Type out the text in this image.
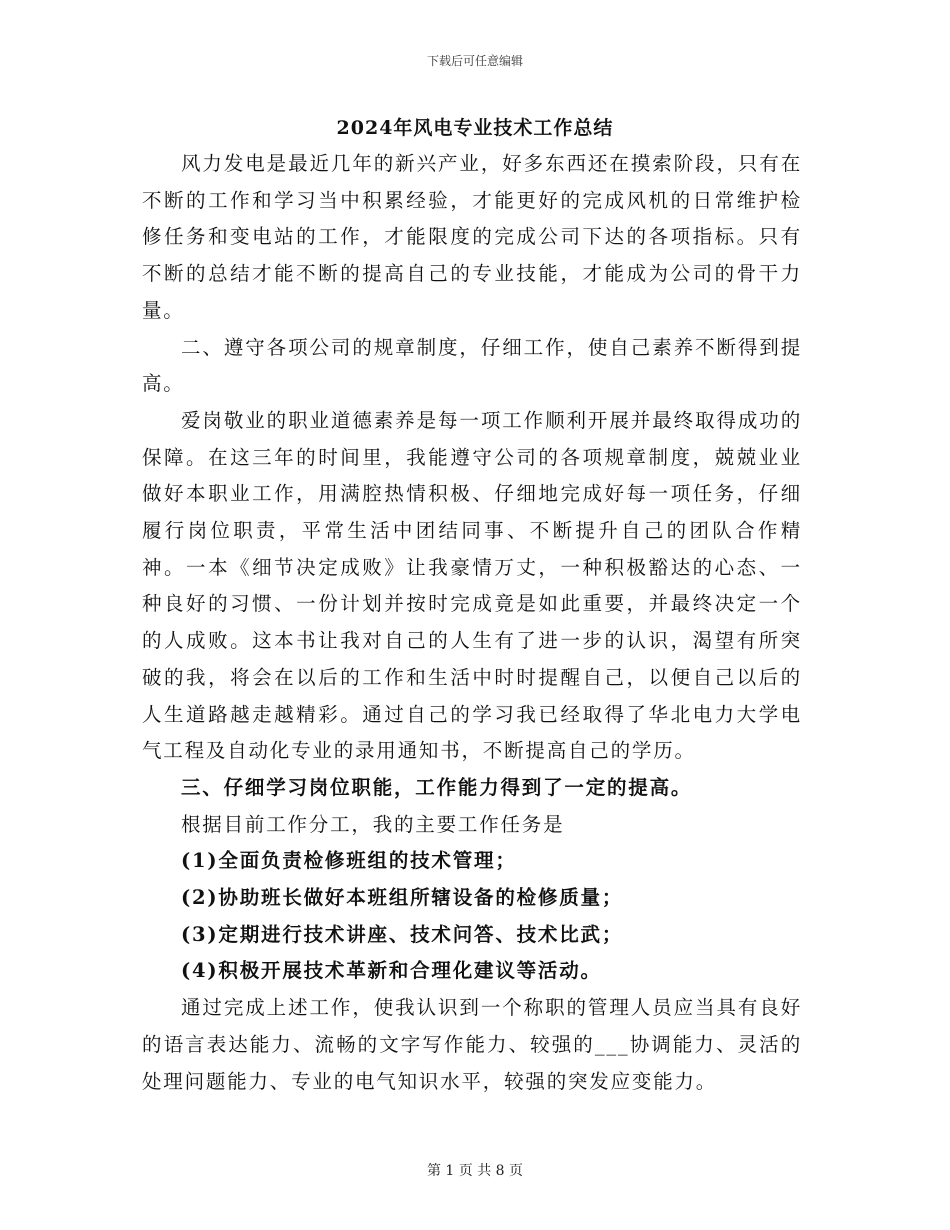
下载后可任意编辑
2024年风电专业技术工作总结

风力发电是最近几年的新兴产业，好多东西还在摸索阶段，只有在不断的工作和学习当中积累经验，才能更好的完成风机的日常维护检修任务和变电站的工作，才能限度的完成公司下达的各项指标。只有不断的总结才能不断的提高自己的专业技能，才能成为公司的骨干力量。

二、遵守各项公司的规章制度，仔细工作，使自己素养不断得到提高。

爱岗敬业的职业道德素养是每一项工作顺利开展并最终取得成功的保障。在这三年的时间里，我能遵守公司的各项规章制度，兢兢业业做好本职业工作，用满腔热情积极、仔细地完成好每一项任务，仔细履行岗位职责，平常生活中团结同事、不断提升自己的团队合作精神。一本《细节决定成败》让我豪情万丈，一种积极豁达的心态、一种良好的习惯、一份计划并按时完成竟是如此重要，并最终决定一个的人成败。这本书让我对自己的人生有了进一步的认识，渴望有所突破的我，将会在以后的工作和生活中时时提醒自己，以便自己以后的人生道路越走越精彩。通过自己的学习我已经取得了华北电力大学电气工程及自动化专业的录用通知书，不断提高自己的学历。

三、仔细学习岗位职能，工作能力得到了一定的提高。

根据目前工作分工，我的主要工作任务是

(1)全面负责检修班组的技术管理；

(2)协助班长做好本班组所辖设备的检修质量；

(3)定期进行技术讲座、技术问答、技术比武；

(4)积极开展技术革新和合理化建议等活动。

通过完成上述工作，使我认识到一个称职的管理人员应当具有良好的语言表达能力、流畅的文字写作能力、较强的___协调能力、灵活的处理问题能力、专业的电气知识水平，较强的突发应变能力。

第 1 页 共 8 页
